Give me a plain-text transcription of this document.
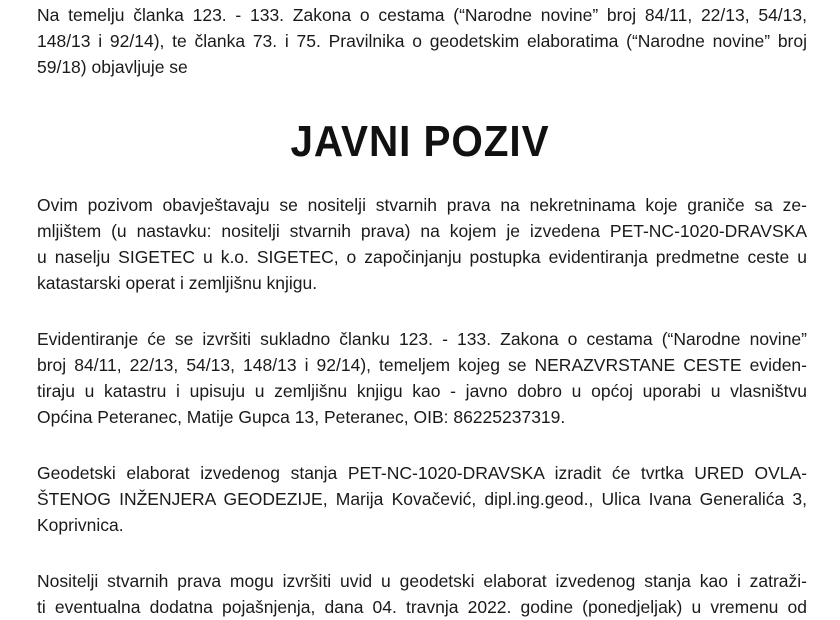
Na temelju članka 123. - 133. Zakona o cestama (“Narodne novine” broj 84/11, 22/13, 54/13,
148/13 i 92/14), te članka 73. i 75. Pravilnika o geodetskim elaboratima (“Narodne novine” broj
59/18) objavljuje se
JAVNI POZIV
Ovim pozivom obavještavaju se nositelji stvarnih prava na nekretninama koje graniče sa ze-
mljištem (u nastavku: nositelji stvarnih prava) na kojem je izvedena PET-NC-1020-DRAVSKA
u naselju SIGETEC u k.o. SIGETEC, o započinjanju postupka evidentiranja predmetne ceste u
katastarski operat i zemljišnu knjigu.
Evidentiranje će se izvršiti sukladno članku 123. - 133. Zakona o cestama (“Narodne novine”
broj 84/11, 22/13, 54/13, 148/13 i 92/14), temeljem kojeg se NERAZVRSTANE CESTE eviden-
tiraju u katastru i upisuju u zemljišnu knjigu kao - javno dobro u općoj uporabi u vlasništvu
Općina Peteranec, Matije Gupca 13, Peteranec, OIB: 86225237319.
Geodetski elaborat izvedenog stanja PET-NC-1020-DRAVSKA izradit će tvrtka URED OVLA-
ŠTENOG INŽENJERA GEODEZIJE, Marija Kovačević, dipl.ing.geod., Ulica Ivana Generalića 3,
Koprivnica.
Nositelji stvarnih prava mogu izvršiti uvid u geodetski elaborat izvedenog stanja kao i zatraži-
ti eventualna dodatna pojašnjenja, dana 04. travnja 2022. godine (ponedjeljak) u vremenu od
